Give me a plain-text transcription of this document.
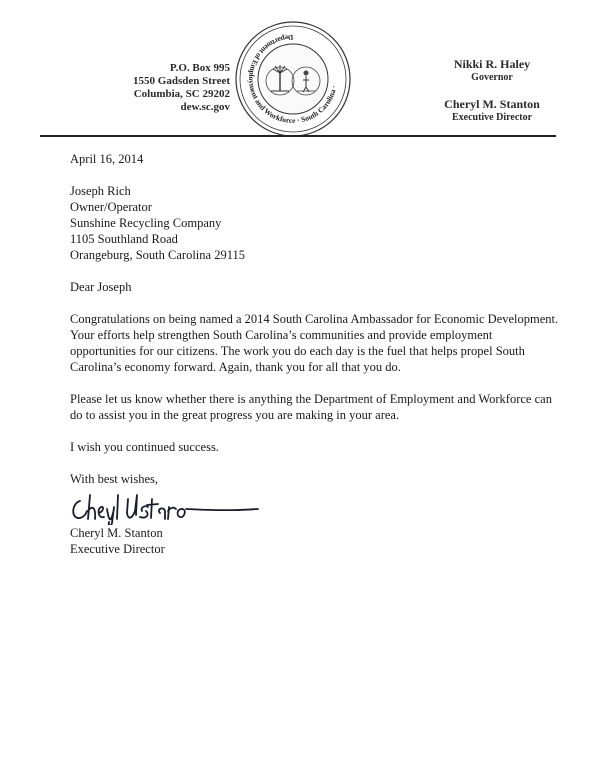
P.O. Box 995
1550 Gadsden Street
Columbia, SC 29202
dew.sc.gov
Department of Employment and Workforce · South Carolina ·
Nikki R. Haley
Governor
Cheryl M. Stanton
Executive Director

April 16, 2014

Joseph Rich

Owner/Operator

Sunshine Recycling Company

1105 Southland Road

Orangeburg, South Carolina 29115

Dear Joseph

Congratulations on being named a 2014 South Carolina Ambassador for Economic Development. Your efforts help strengthen South Carolina’s communities and provide employment opportunities for our citizens. The work you do each day is the fuel that helps propel South Carolina’s economy forward. Again, thank you for all that you do.

Please let us know whether there is anything the Department of Employment and Workforce can do to assist you in the great progress you are making in your area.

I wish you continued success.

With best wishes,

Cheryl M. Stanton

Executive Director
